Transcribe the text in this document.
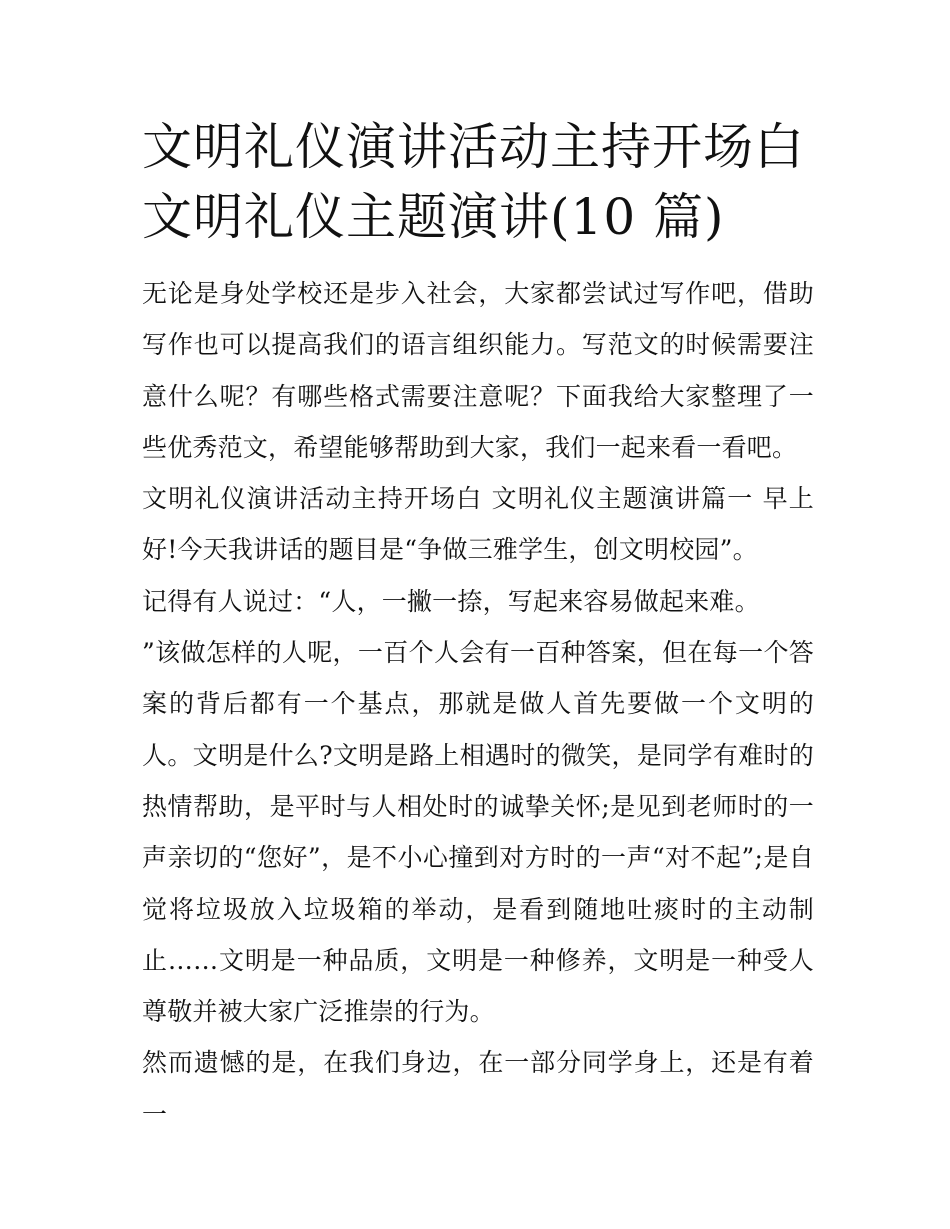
文明礼仪演讲活动主持开场白
文明礼仪主题演讲(10 篇)

无论是身处学校还是步入社会，大家都尝试过写作吧，借助写作也可以提高我们的语言组织能力。写范文的时候需要注意什么呢？有哪些格式需要注意呢？下面我给大家整理了一些优秀范文，希望能够帮助到大家，我们一起来看一看吧。

文明礼仪演讲活动主持开场白 文明礼仪主题演讲篇一 早上好!今天我讲话的题目是“争做三雅学生，创文明校园”。

记得有人说过：“人，一撇一捺，写起来容易做起来难。

”该做怎样的人呢，一百个人会有一百种答案，但在每一个答案的背后都有一个基点，那就是做人首先要做一个文明的人。文明是什么?文明是路上相遇时的微笑，是同学有难时的热情帮助，是平时与人相处时的诚挚关怀;是见到老师时的一声亲切的“您好”，是不小心撞到对方时的一声“对不起”;是自觉将垃圾放入垃圾箱的举动，是看到随地吐痰时的主动制止……文明是一种品质，文明是一种修养，文明是一种受人尊敬并被大家广泛推崇的行为。

然而遗憾的是，在我们身边，在一部分同学身上，还是有着一
